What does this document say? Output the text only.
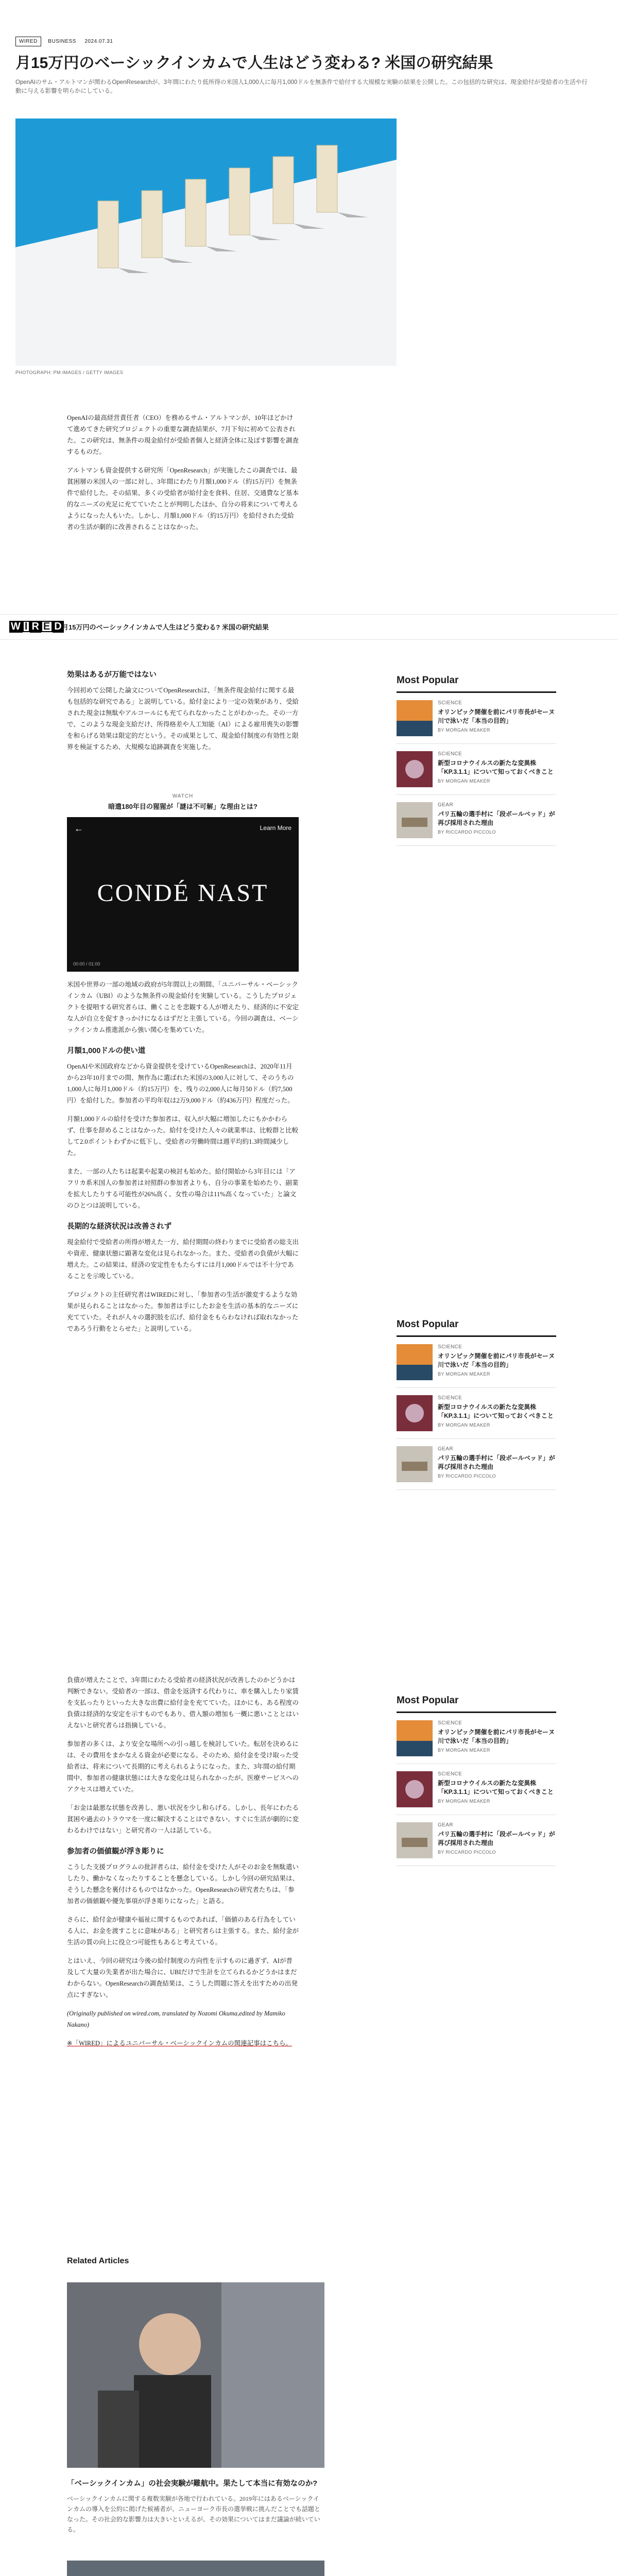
WIRED BUSINESS 2024.07.31
月15万円のベーシックインカムで人生はどう変わる? 米国の研究結果
OpenAIのサム・アルトマンが関わるOpenResearchが、3年間にわたり低所得の米国人1,000人に毎月1,000ドルを無条件で給付する大規模な実験の結果を公開した。この包括的な研究は、現金給付が受給者の生活や行動に与える影響を明らかにしている。
PHOTOGRAPH: PM IMAGES / GETTY IMAGES

OpenAIの最高経営責任者（CEO）を務めるサム・アルトマンが、10年ほどかけて進めてきた研究プロジェクトの重要な調査結果が、7月下旬に初めて公表された。この研究は、無条件の現金給付が受給者個人と経済全体に及ぼす影響を調査するものだ。

アルトマンも資金提供する研究所「OpenResearch」が実施したこの調査では、最貧困層の米国人の一部に対し、3年間にわたり月額1,000ドル（約15万円）を無条件で給付した。その結果、多くの受給者が給付金を食料、住居、交通費など基本的なニーズの充足に充てていたことが判明したほか、自分の将来について考えるようになった人もいた。しかし、月額1,000ドル（約15万円）を給付された受給者の生活が劇的に改善されることはなかった。

W I R E D 月15万円のベーシックインカムで人生はどう変わる? 米国の研究結果
効果はあるが万能ではない

今回初めて公開した論文についてOpenResearchは、「無条件現金給付に関する最も包括的な研究である」と説明している。給付金により一定の効果があり、受給された現金は無駄やアルコールにも充てられなかったことがわかった。その一方で、このような現金支給だけ、所得格差や人工知能（AI）による雇用喪失の影響を和らげる効果は限定的だという。その成果として、現金給付制度の有効性と限界を検証するため、大規模な追跡調査を実施した。

WATCH
暗遣180年目の猩猩が「謎は不可解」な理由とは?
←	Learn More
CONDÉ NAST
00:00 / 01:00

米国や世界の一部の地域の政府が5年間以上の期間、「ユニバーサル・ベーシックインカム（UBI）のような無条件の現金給付を実験している。こうしたプロジェクトを提唱する研究者らは、働くことを悲観する人が増えたり、経済的に不安定な人が自立を促すきっかけになるはずだと主張している。今回の調査は、ベーシックインカム推進派から強い関心を集めていた。

月額1,000ドルの使い道

OpenAIや米国政府などから資金提供を受けているOpenResearchは、2020年11月から23年10月までの間、無作為に選ばれた米国の3,000人に対して、そのうちの1,000人に毎月1,000ドル（約15万円）を、残りの2,000人に毎月50ドル（約7,500円）を給付した。参加者の平均年収は2万9,000ドル（約436万円）程度だった。

月額1,000ドルの給付を受けた参加者は、収入が大幅に増加したにもかかわらず、仕事を辞めることはなかった。給付を受けた人々の就業率は、比較群と比較して2.0ポイントわずかに低下し、受給者の労働時間は週平均約1.3時間減少した。

また、一部の人たちは起業や起業の検討も始めた。給付開始から3年目には「アフリカ系米国人の参加者は対照群の参加者よりも、自分の事業を始めたり、副業を拡大したりする可能性が26%高く、女性の場合は11%高くなっていた」と論文のひとつは説明している。

長期的な経済状況は改善されず

現金給付で受給者の所得が増えた一方、給付期間の終わりまでに受給者の総支出や資産、健康状態に顕著な変化は見られなかった。また、受給者の負債が大幅に増えた。この結果は、経済の安定性をもたらすには月1,000ドルでは不十分であることを示唆している。

プロジェクトの主任研究者はWIREDに対し、「参加者の生活が激変するような効果が見られることはなかった。参加者は手にしたお金を生活の基本的なニーズに充てていた。それが人々の選択肢を広げ、給付金をもらわなければ取れなかったであろう行動をとらせた」と説明している。

負債が増えたことで、3年間にわたる受給者の経済状況が改善したのかどうかは判断できない。受給者の一部は、借金を返済する代わりに、車を購入したり家賃を支払ったりといった大きな出費に給付金を充てていた。ほかにも、ある程度の負債は経済的な安定を示すものでもあり、借入額の増加も一概に悪いこととはいえないと研究者らは指摘している。

参加者の多くは、より安全な場所への引っ越しを検討していた。転居を決めるには、その費用をまかなえる資金が必要になる。そのため、給付金を受け取った受給者は、将来について長期的に考えられるようになった。また、3年間の給付期間中、参加者の健康状態には大きな変化は見られなかったが、医療サービスへのアクセスは増えていた。

「お金は最悪な状態を改善し、悪い状況を少し和らげる。しかし、長年にわたる貧困や過去のトラウマを一度に解決することはできない。すぐに生活が劇的に変わるわけではない」と研究者の一人は話している。

参加者の価値観が浮き彫りに

こうした支援プログラムの批評者らは、給付金を受けた人がそのお金を無駄遣いしたり、働かなくなったりすることを懸念している。しかし今回の研究結果は、そうした懸念を裏付けるものではなかった。OpenResearchの研究者たちは、「参加者の価値観や優先事項が浮き彫りになった」と語る。

さらに、給付金が健康や福祉に関するものであれば、「価値のある行為をしている人に、お金を渡すことに意味がある」と研究者らは主張する。また、給付金が生活の質の向上に役立つ可能性もあると考えている。

とはいえ、今回の研究は今後の給付制度の方向性を示すものに過ぎず、AIが普及して大量の失業者が出た場合に、UBIだけで生計を立てられるかどうかはまだわからない。OpenResearchの調査結果は、こうした問題に答えを出すための出発点にすぎない。

(Originally published on wired.com, translated by Nozomi Okuma,edited by Mamiko Nakano)

※「WIRED」によるユニバーサル・ベーシックインカムの関連記事はこちら。

Most Popular
SCIENCE
オリンピック開催を前にパリ市長がセーヌ川で泳いだ「本当の目的」
BY MORGAN MEAKER
SCIENCE
新型コロナウイルスの新たな変異株「KP.3.1.1」について知っておくべきこと
BY MORGAN MEAKER
GEAR
パリ五輪の選手村に「段ボールベッド」が再び採用された理由
BY RICCARDO PICCOLO
Most Popular
SCIENCE
オリンピック開催を前にパリ市長がセーヌ川で泳いだ「本当の目的」
BY MORGAN MEAKER
SCIENCE
新型コロナウイルスの新たな変異株「KP.3.1.1」について知っておくべきこと
BY MORGAN MEAKER
GEAR
パリ五輪の選手村に「段ボールベッド」が再び採用された理由
BY RICCARDO PICCOLO
Most Popular
SCIENCE
オリンピック開催を前にパリ市長がセーヌ川で泳いだ「本当の目的」
BY MORGAN MEAKER
SCIENCE
新型コロナウイルスの新たな変異株「KP.3.1.1」について知っておくべきこと
BY MORGAN MEAKER
GEAR
パリ五輪の選手村に「段ボールベッド」が再び採用された理由
BY RICCARDO PICCOLO
Related Articles
「ベーシックインカム」の社会実験が難航中。果たして本当に有効なのか?
ベーシックインカムに関する複数実験が各地で行われている。2019年にはあるベーシックインカムの導入を公約に掲げた候補者が、ニューヨーク市長の選挙戦に挑んだことでも話題となった。その社会的な影響力は大きいといえるが、その効果についてはまだ議論が続いている。
